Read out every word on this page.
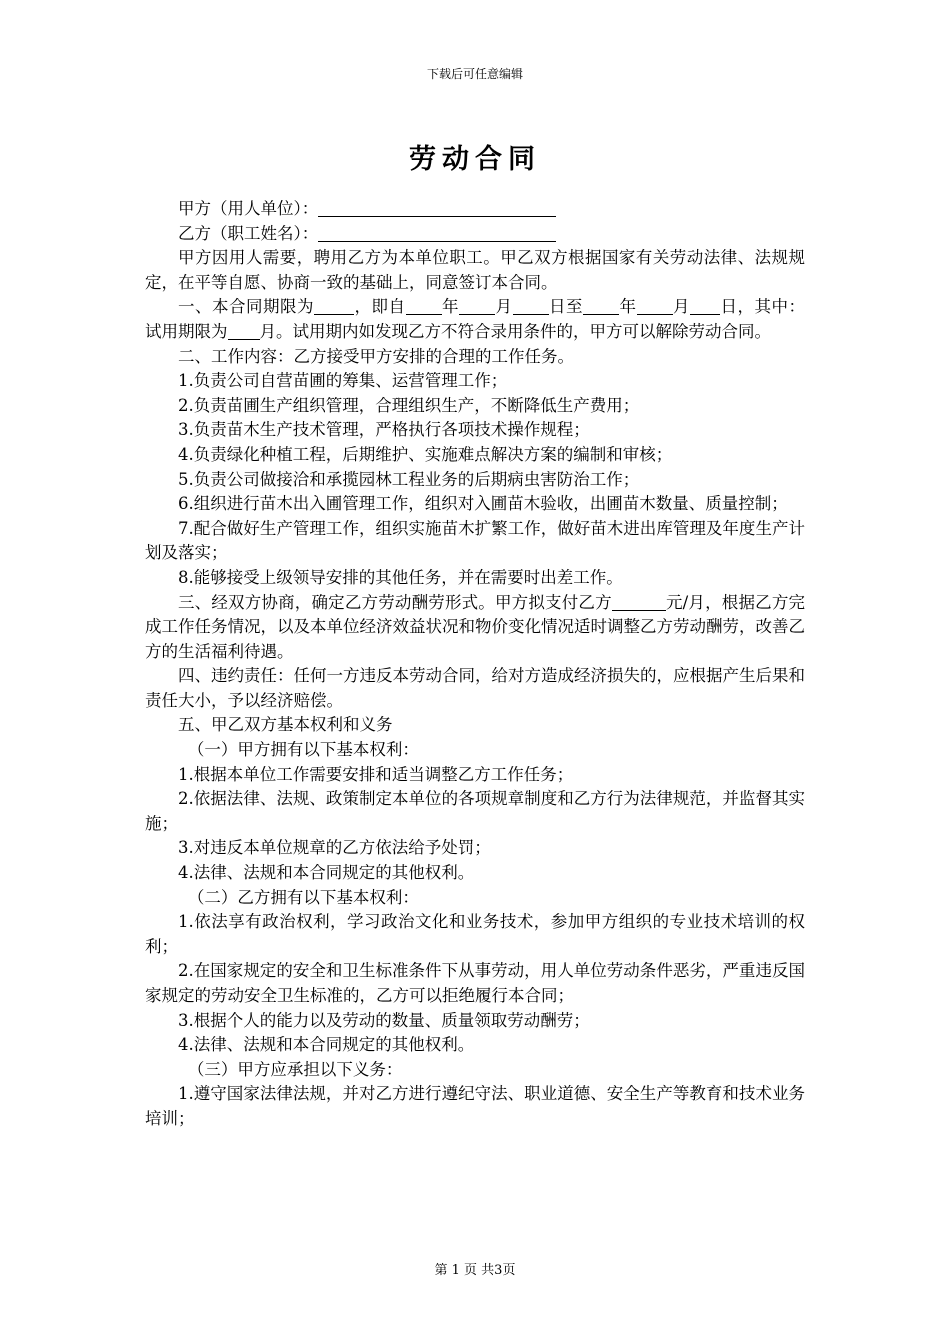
下载后可任意编辑
劳动合同

甲方（用人单位）：

乙方（职工姓名）：

甲方因用人需要，聘用乙方为本单位职工。甲乙双方根据国家有关劳动法律、法规规定，在平等自愿、协商一致的基础上，同意签订本合同。

一、本合同期限为 ，即自 年 月 日至 年 月 日，其中：试用期限为 月。试用期内如发现乙方不符合录用条件的，甲方可以解除劳动合同。

二、工作内容：乙方接受甲方安排的合理的工作任务。

1.负责公司自营苗圃的筹集、运营管理工作；

2.负责苗圃生产组织管理，合理组织生产，不断降低生产费用；

3.负责苗木生产技术管理，严格执行各项技术操作规程；

4.负责绿化种植工程，后期维护、实施难点解决方案的编制和审核；

5.负责公司做接洽和承揽园林工程业务的后期病虫害防治工作；

6.组织进行苗木出入圃管理工作，组织对入圃苗木验收，出圃苗木数量、质量控制；

7.配合做好生产管理工作，组织实施苗木扩繁工作，做好苗木进出库管理及年度生产计划及落实；

8.能够接受上级领导安排的其他任务，并在需要时出差工作。

三、经双方协商，确定乙方劳动酬劳形式。甲方拟支付乙方	元/月，根据乙方完成工作任务情况，以及本单位经济效益状况和物价变化情况适时调整乙方劳动酬劳，改善乙方的生活福利待遇。

四、违约责任：任何一方违反本劳动合同，给对方造成经济损失的，应根据产生后果和责任大小，予以经济赔偿。

五、甲乙双方基本权利和义务

（一）甲方拥有以下基本权利：

1.根据本单位工作需要安排和适当调整乙方工作任务；

2.依据法律、法规、政策制定本单位的各项规章制度和乙方行为法律规范，并监督其实施；

3.对违反本单位规章的乙方依法给予处罚；

4.法律、法规和本合同规定的其他权利。

（二）乙方拥有以下基本权利：

1.依法享有政治权利，学习政治文化和业务技术，参加甲方组织的专业技术培训的权利；

2.在国家规定的安全和卫生标准条件下从事劳动，用人单位劳动条件恶劣，严重违反国家规定的劳动安全卫生标准的，乙方可以拒绝履行本合同；

3.根据个人的能力以及劳动的数量、质量领取劳动酬劳；

4.法律、法规和本合同规定的其他权利。

（三）甲方应承担以下义务：

1.遵守国家法律法规，并对乙方进行遵纪守法、职业道德、安全生产等教育和技术业务培训；

第 1 页 共3页
